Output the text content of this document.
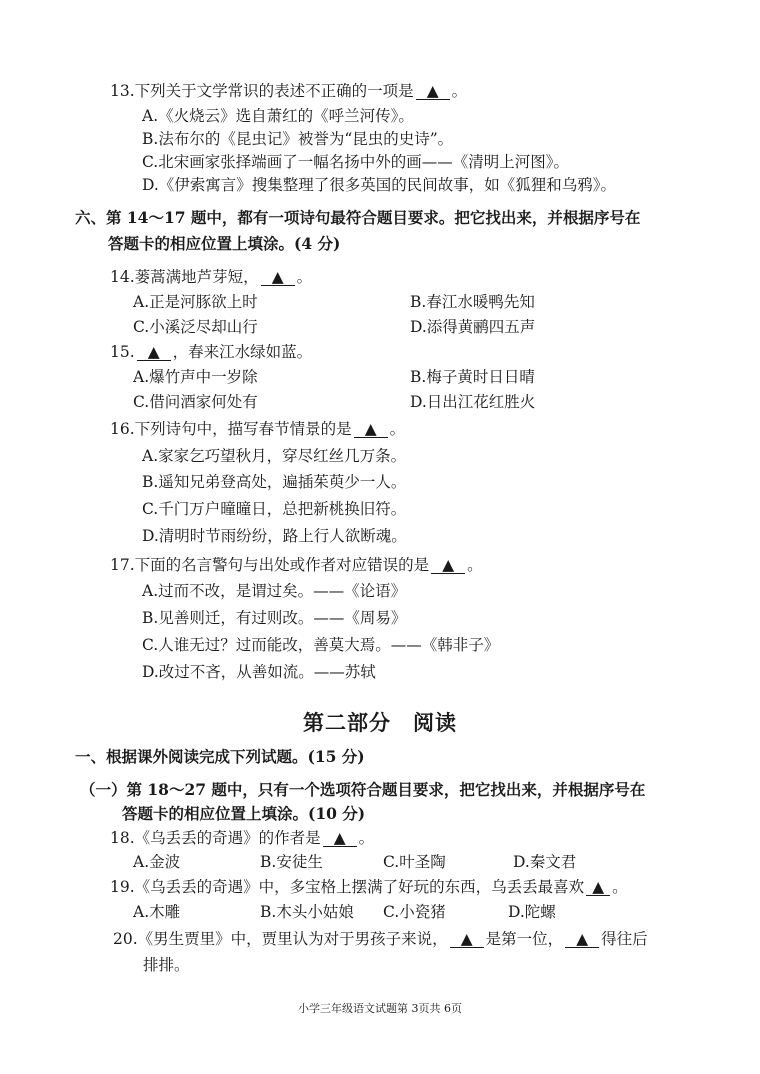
13.下列关于文学常识的表述不正确的一项是 ▲ 。
A.《火烧云》选自萧红的《呼兰河传》。
B.法布尔的《昆虫记》被誉为“昆虫的史诗”。
C.北宋画家张择端画了一幅名扬中外的画——《清明上河图》。
D.《伊索寓言》搜集整理了很多英国的民间故事，如《狐狸和乌鸦》。
六、第 14～17 题中，都有一项诗句最符合题目要求。把它找出来，并根据序号在
答题卡的相应位置上填涂。(4 分)
14.蒌蒿满地芦芽短， ▲ 。
A.正是河豚欲上时	B.春江水暖鸭先知
C.小溪泛尽却山行	D.添得黄鹂四五声
15. ▲ ，春来江水绿如蓝。
A.爆竹声中一岁除	B.梅子黄时日日晴
C.借问酒家何处有	D.日出江花红胜火
16.下列诗句中，描写春节情景的是 ▲ 。
A.家家乞巧望秋月，穿尽红丝几万条。
B.遥知兄弟登高处，遍插茱萸少一人。
C.千门万户曈曈日，总把新桃换旧符。
D.清明时节雨纷纷，路上行人欲断魂。
17.下面的名言警句与出处或作者对应错误的是 ▲ 。
A.过而不改，是谓过矣。——《论语》
B.见善则迁，有过则改。——《周易》
C.人谁无过？过而能改，善莫大焉。——《韩非子》
D.改过不吝，从善如流。——苏轼
第二部分　阅读
一、根据课外阅读完成下列试题。(15 分)
（一）第 18～27 题中，只有一个选项符合题目要求，把它找出来，并根据序号在
答题卡的相应位置上填涂。(10 分)
18.《乌丢丢的奇遇》的作者是 ▲ 。
A.金波	B.安徒生	C.叶圣陶	D.秦文君
19.《乌丢丢的奇遇》中，多宝格上摆满了好玩的东西，乌丢丢最喜欢 ▲ 。
A.木雕	B.木头小姑娘 C.小瓷猪	D.陀螺
20.《男生贾里》中，贾里认为对于男孩子来说， ▲ 是第一位， ▲ 得往后
排排。
小学三年级语文试题第 3页共 6页
